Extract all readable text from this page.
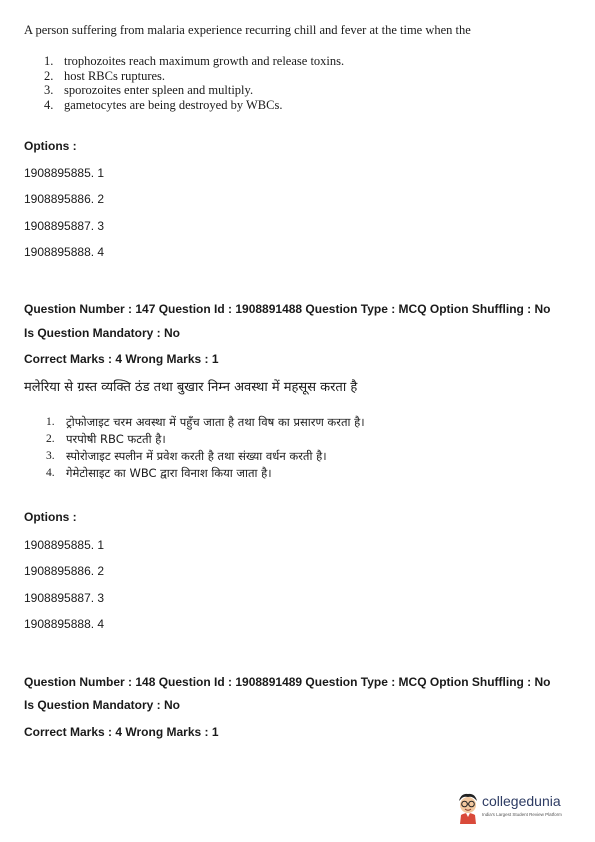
A person suffering from malaria experience recurring chill and fever at the time when the
1. trophozoites reach maximum growth and release toxins.
2. host RBCs ruptures.
3. sporozoites enter spleen and multiply.
4. gametocytes are being destroyed by WBCs.
Options :
1908895885. 1
1908895886. 2
1908895887. 3
1908895888. 4
Question Number : 147 Question Id : 1908891488 Question Type : MCQ Option Shuffling : No
Is Question Mandatory : No
Correct Marks : 4 Wrong Marks : 1
मलेरिया से ग्रस्त व्यक्ति ठंड तथा बुखार निम्न अवस्था में महसूस करता है
1. ट्रोफोजाइट चरम अवस्था में पहुँच जाता है तथा विष का प्रसारण करता है।
2. परपोषी RBC फटती है।
3. स्पोरोजाइट स्पलीन में प्रवेश करती है तथा संख्या वर्धन करती है।
4. गेमेटोसाइट का WBC द्वारा विनाश किया जाता है।
Options :
1908895885. 1
1908895886. 2
1908895887. 3
1908895888. 4
Question Number : 148 Question Id : 1908891489 Question Type : MCQ Option Shuffling : No
Is Question Mandatory : No
Correct Marks : 4 Wrong Marks : 1
collegedunia
India's Largest Student Review Platform
